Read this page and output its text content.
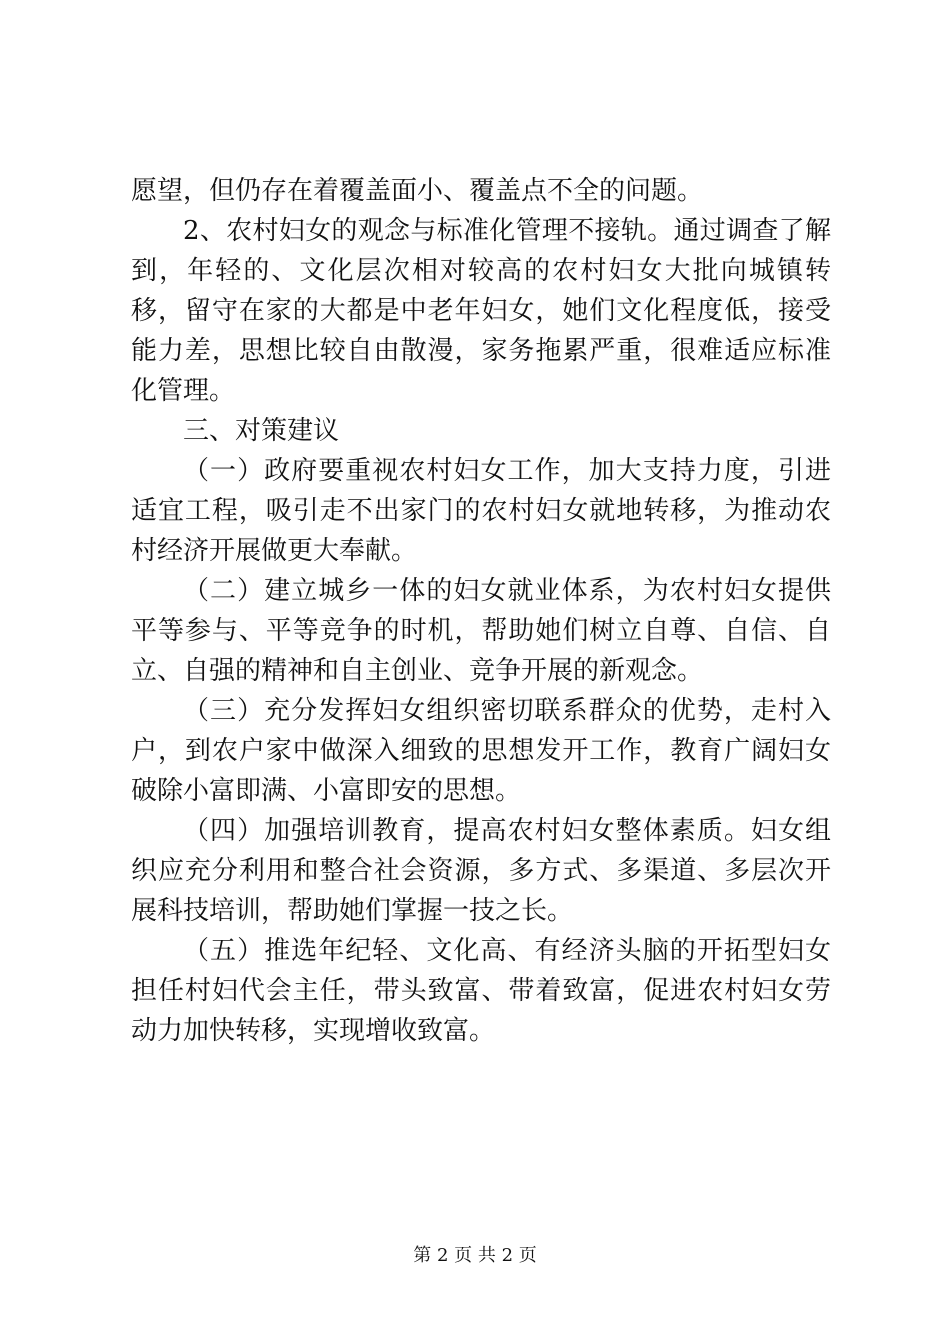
愿望，但仍存在着覆盖面小、覆盖点不全的问题。

2、农村妇女的观念与标准化管理不接轨。通过调查了解到，年轻的、文化层次相对较高的农村妇女大批向城镇转移，留守在家的大都是中老年妇女，她们文化程度低，接受能力差，思想比较自由散漫，家务拖累严重，很难适应标准化管理。

三、对策建议

（一）政府要重视农村妇女工作，加大支持力度，引进适宜工程，吸引走不出家门的农村妇女就地转移，为推动农村经济开展做更大奉献。

（二）建立城乡一体的妇女就业体系，为农村妇女提供平等参与、平等竞争的时机，帮助她们树立自尊、自信、自立、自强的精神和自主创业、竞争开展的新观念。

（三）充分发挥妇女组织密切联系群众的优势，走村入户，到农户家中做深入细致的思想发开工作，教育广阔妇女破除小富即满、小富即安的思想。

（四）加强培训教育，提高农村妇女整体素质。妇女组织应充分利用和整合社会资源，多方式、多渠道、多层次开展科技培训，帮助她们掌握一技之长。

（五）推选年纪轻、文化高、有经济头脑的开拓型妇女担任村妇代会主任，带头致富、带着致富，促进农村妇女劳动力加快转移，实现增收致富。

第 2 页 共 2 页
